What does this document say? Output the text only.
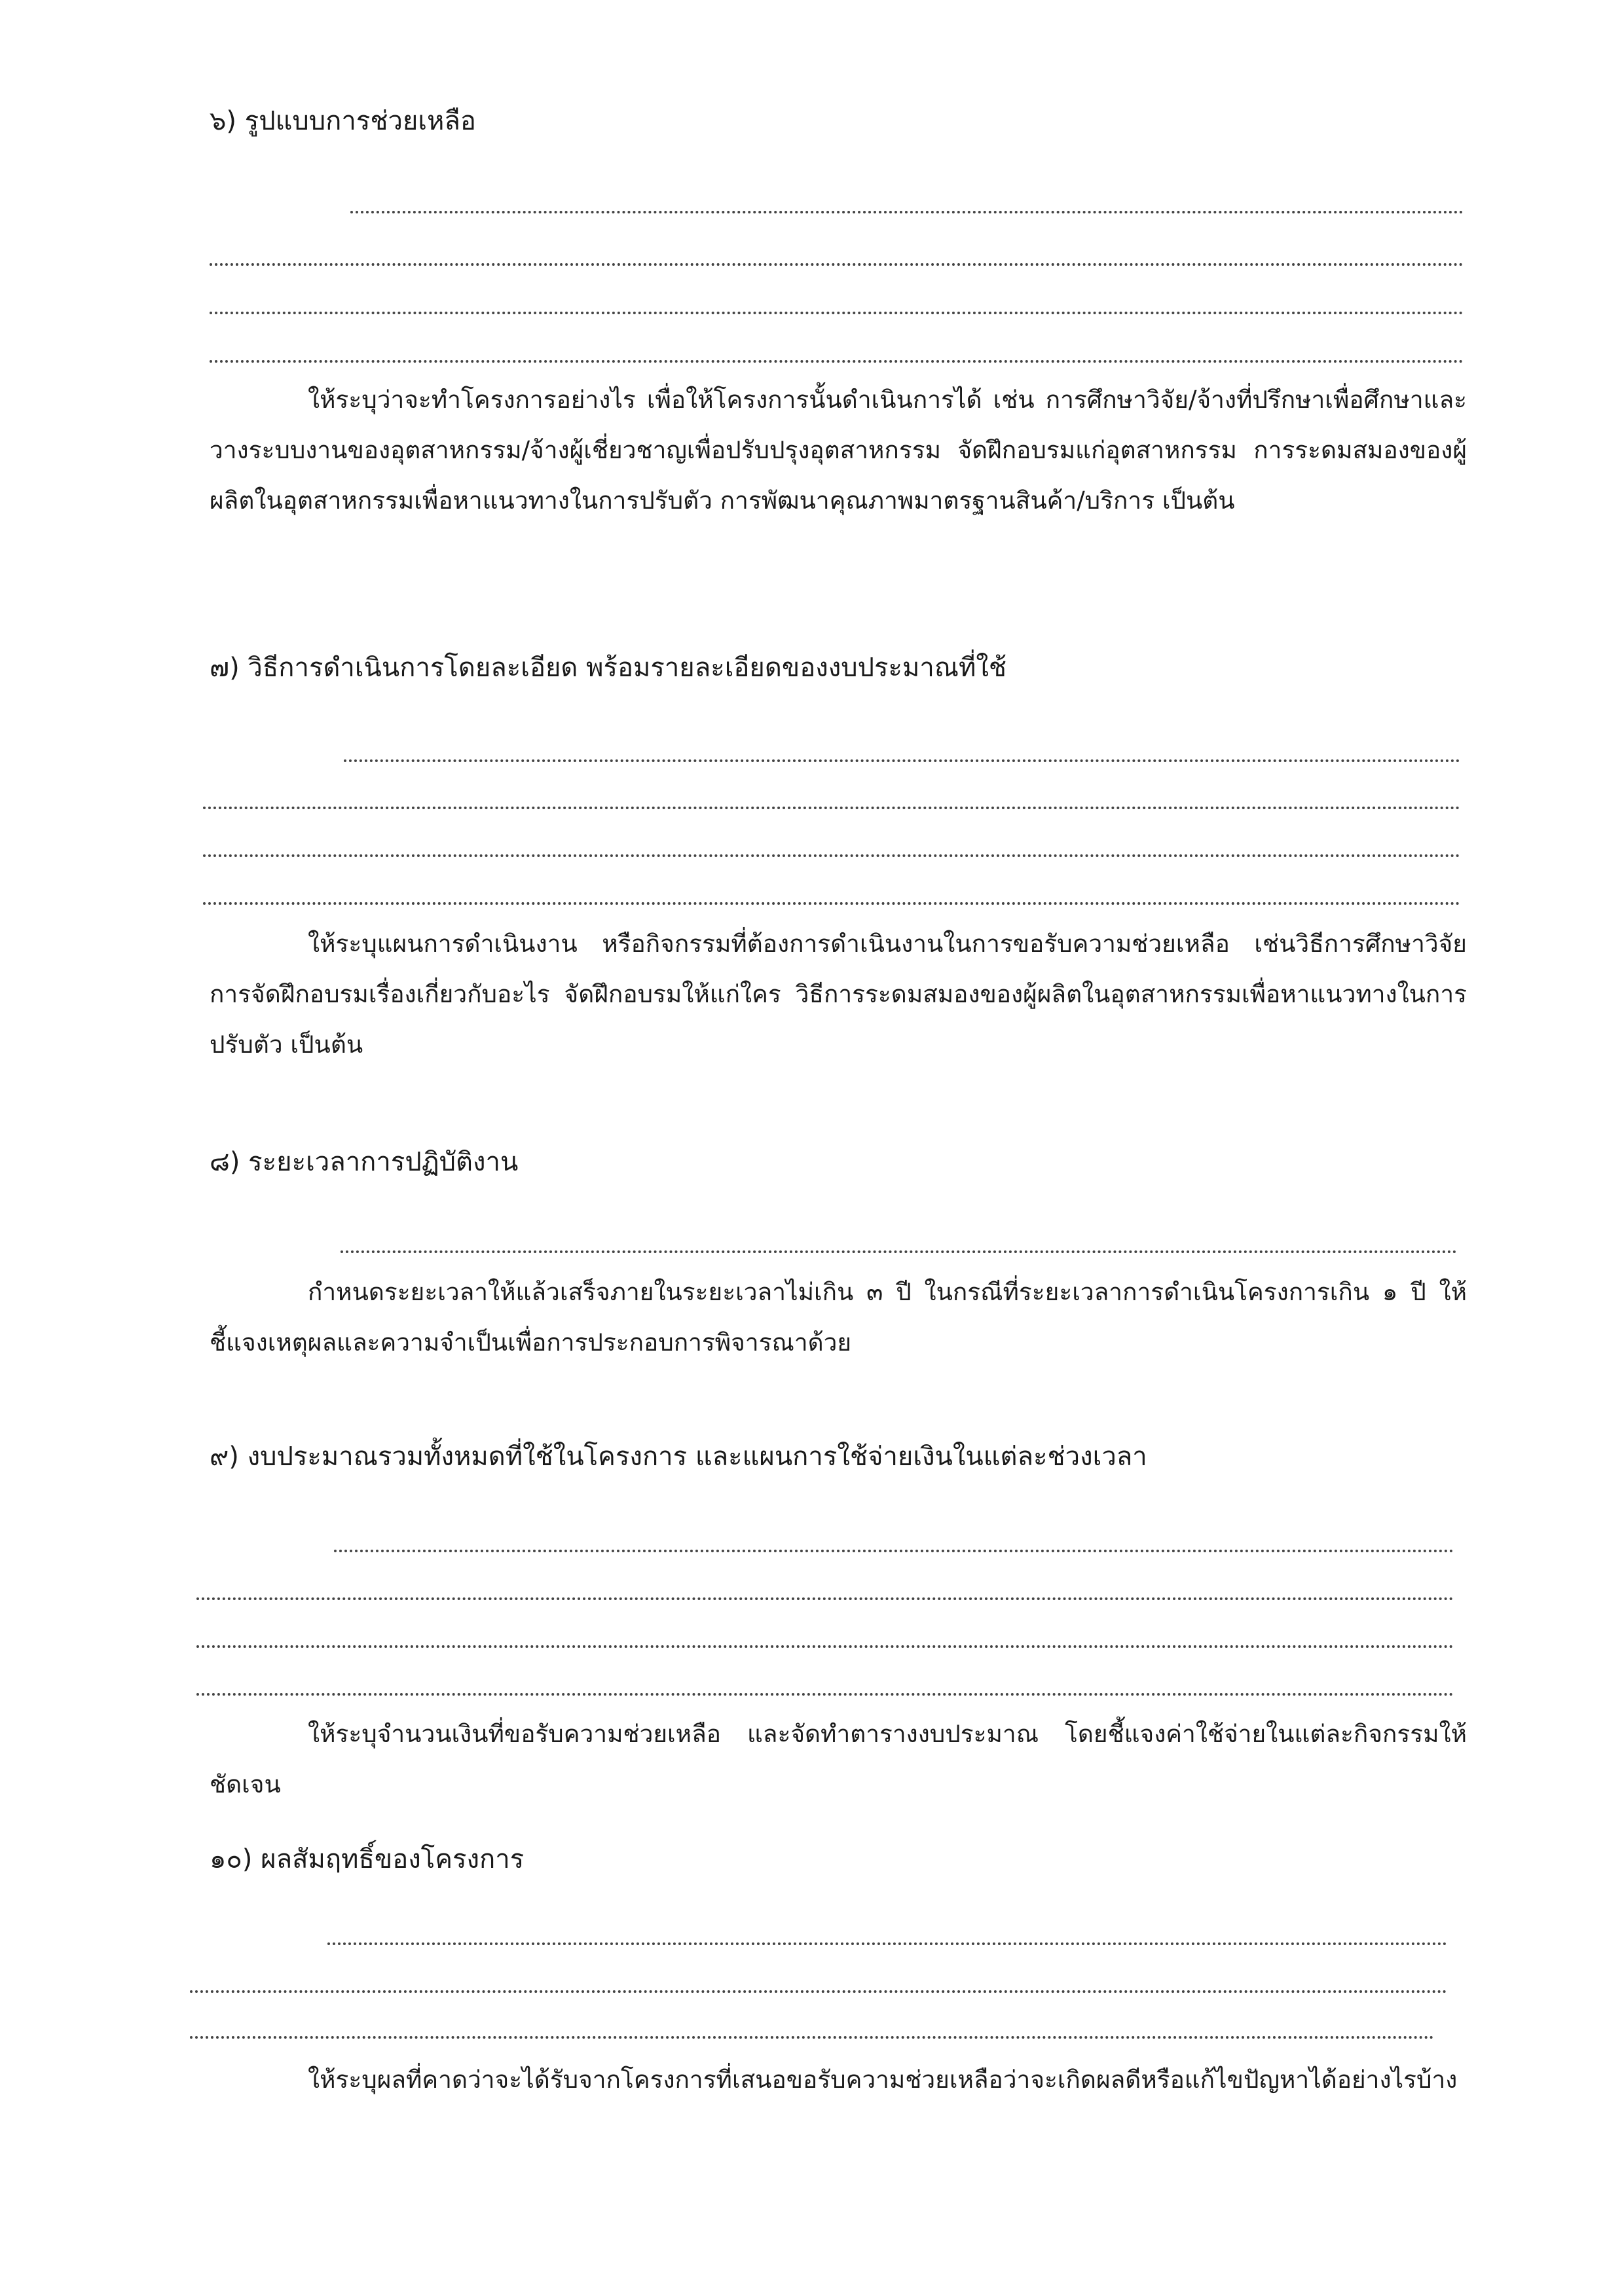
๖) รูปแบบการช่วยเหลือ

ให้ระบุว่าจะทำโครงการอย่างไร เพื่อให้โครงการนั้นดำเนินการได้ เช่น การศึกษาวิจัย/จ้างที่ปรึกษาเพื่อศึกษาและวางระบบงานของอุตสาหกรรม/จ้างผู้เชี่ยวชาญเพื่อปรับปรุงอุตสาหกรรม จัดฝึกอบรมแก่อุตสาหกรรม การระดมสมองของผู้ผลิตในอุตสาหกรรมเพื่อหาแนวทางในการปรับตัว การพัฒนาคุณภาพมาตรฐานสินค้า/บริการ เป็นต้น

๗) วิธีการดำเนินการโดยละเอียด พร้อมรายละเอียดของงบประมาณที่ใช้

ให้ระบุแผนการดำเนินงาน หรือกิจกรรมที่ต้องการดำเนินงานในการขอรับความช่วยเหลือ เช่นวิธีการศึกษาวิจัย การจัดฝึกอบรมเรื่องเกี่ยวกับอะไร จัดฝึกอบรมให้แก่ใคร วิธีการระดมสมองของผู้ผลิตในอุตสาหกรรมเพื่อหาแนวทางในการปรับตัว เป็นต้น

๘) ระยะเวลาการปฏิบัติงาน

กำหนดระยะเวลาให้แล้วเสร็จภายในระยะเวลาไม่เกิน ๓ ปี ในกรณีที่ระยะเวลาการดำเนินโครงการเกิน ๑ ปี ให้ชี้แจงเหตุผลและความจำเป็นเพื่อการประกอบการพิจารณาด้วย

๙) งบประมาณรวมทั้งหมดที่ใช้ในโครงการ และแผนการใช้จ่ายเงินในแต่ละช่วงเวลา

ให้ระบุจำนวนเงินที่ขอรับความช่วยเหลือ และจัดทำตารางงบประมาณ โดยชี้แจงค่าใช้จ่ายในแต่ละกิจกรรมให้ชัดเจน

๑๐) ผลสัมฤทธิ์ของโครงการ

ให้ระบุผลที่คาดว่าจะได้รับจากโครงการที่เสนอขอรับความช่วยเหลือว่าจะเกิดผลดีหรือแก้ไขปัญหาได้อย่างไรบ้าง
